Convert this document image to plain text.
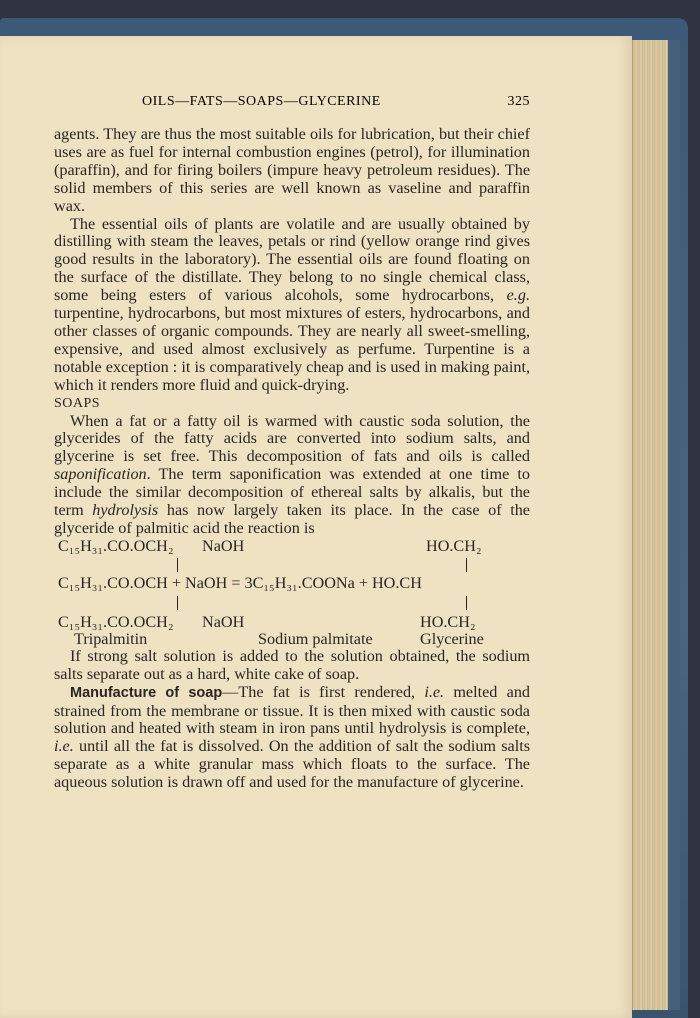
OILS—FATS—SOAPS—GLYCERINE	325

agents. They are thus the most suitable oils for lubrication, but their chief uses are as fuel for internal combustion engines (petrol), for illumination (paraffin), and for firing boilers (impure heavy petroleum residues). The solid members of this series are well known as vaseline and paraffin wax.

The essential oils of plants are volatile and are usually obtained by distilling with steam the leaves, petals or rind (yellow orange rind gives good results in the laboratory). The essential oils are found floating on the surface of the distillate. They belong to no single chemical class, some being esters of various alcohols, some hydrocarbons, e.g. turpentine, hydrocarbons, but most mixtures of esters, hydrocarbons, and other classes of organic compounds. They are nearly all sweet-smelling, expensive, and used almost exclusively as perfume. Turpentine is a notable exception : it is comparatively cheap and is used in making paint, which it renders more fluid and quick-drying.

SOAPS

When a fat or a fatty oil is warmed with caustic soda solution, the glycerides of the fatty acids are converted into sodium salts, and glycerine is set free. This decomposition of fats and oils is called saponification. The term saponification was extended at one time to include the similar decomposition of ethereal salts by alkalis, but the term hydrolysis has now largely taken its place. In the case of the glyceride of palmitic acid the reaction is

C₁₅H₃₁.CO.OCH₂ NaOH	HO.CH₂
C₁₅H₃₁.CO.OCH + NaOH = 3C₁₅H₃₁.COONa + HO.CH
C₁₅H₃₁.CO.OCH₂ NaOH	HO.CH₂
Tripalmitin	Sodium palmitate	Glycerine

If strong salt solution is added to the solution obtained, the sodium salts separate out as a hard, white cake of soap.

Manufacture of soap—The fat is first rendered, i.e. melted and strained from the membrane or tissue. It is then mixed with caustic soda solution and heated with steam in iron pans until hydrolysis is complete, i.e. until all the fat is dissolved. On the addition of salt the sodium salts separate as a white granular mass which floats to the surface. The aqueous solution is drawn off and used for the manufacture of glycerine.
